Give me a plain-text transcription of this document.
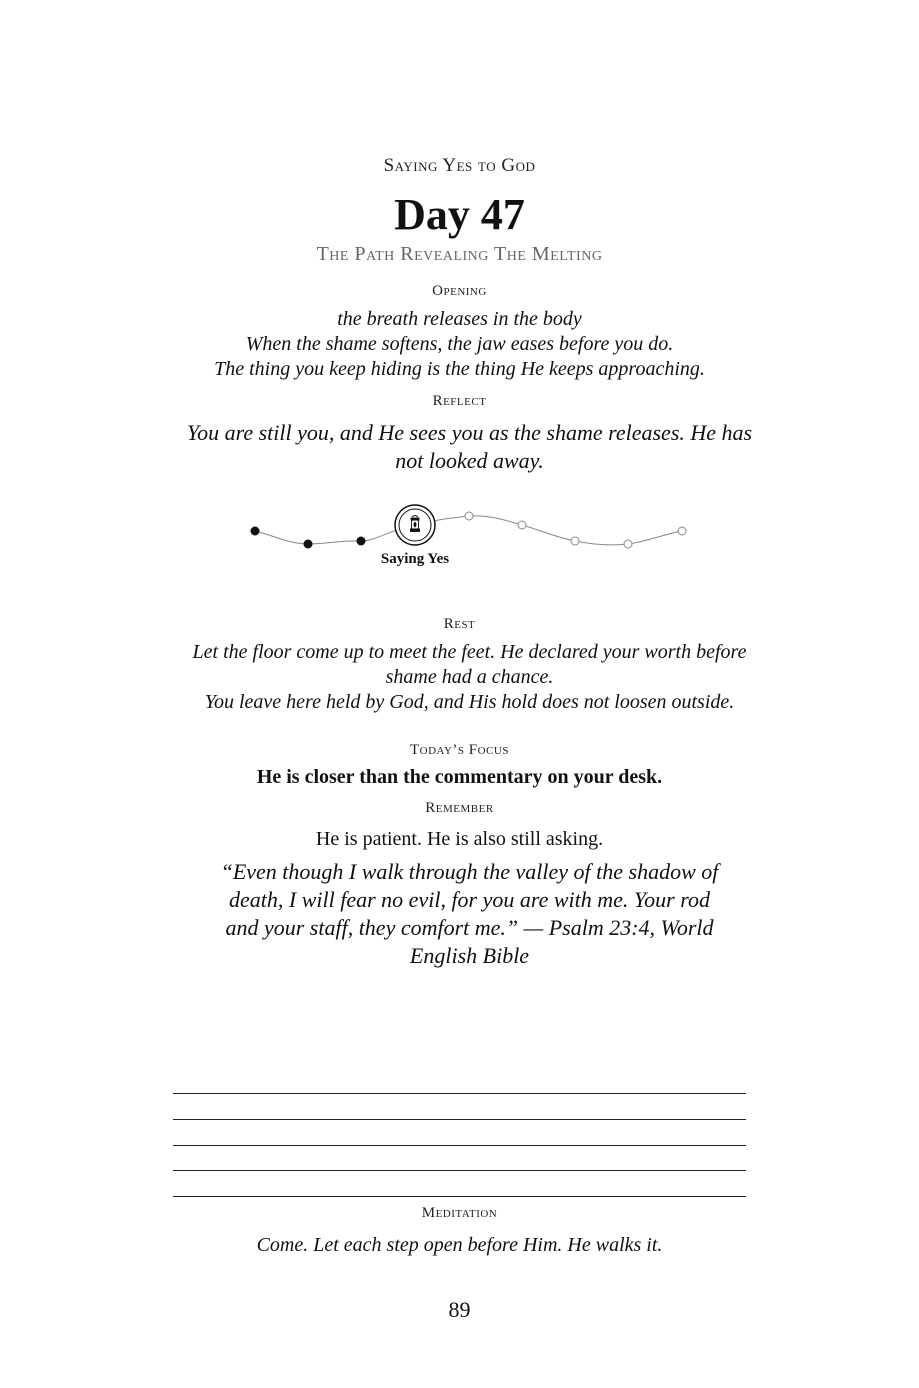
Saying Yes to God
Day 47
The Path Revealing The Melting
Opening
the breath releases in the body
When the shame softens, the jaw eases before you do.
The thing you keep hiding is the thing He keeps approaching.
Reflect
You are still you, and He sees you as the shame releases. He has not looked away.
Saying Yes
Rest
Let the floor come up to meet the feet. He declared your worth before shame had a chance.
You leave here held by God, and His hold does not loosen outside.
Today’s Focus
He is closer than the commentary on your desk.
Remember
He is patient. He is also still asking.
“Even though I walk through the valley of the shadow of death, I will fear no evil, for you are with me. Your rod and your staff, they comfort me.” — Psalm 23:4, World English Bible
Meditation
Come. Let each step open before Him. He walks it.
89
